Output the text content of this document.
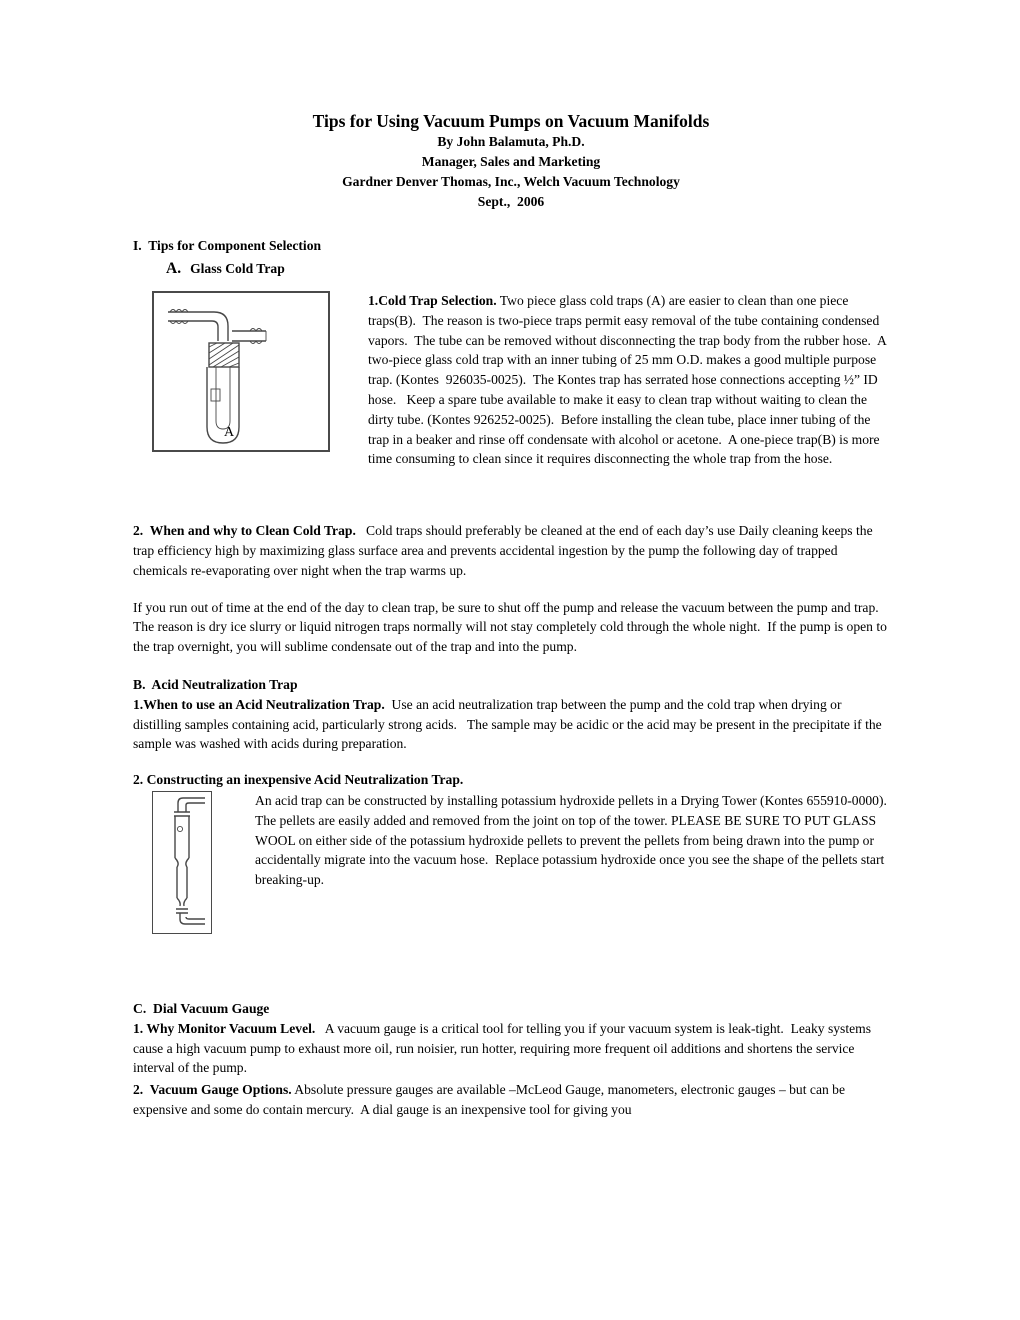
Tips for Using Vacuum Pumps on Vacuum Manifolds
By John Balamuta, Ph.D.
Manager, Sales and Marketing
Gardner Denver Thomas, Inc., Welch Vacuum Technology
Sept.,  2006
I.  Tips for Component Selection
A. Glass Cold Trap
A

1.Cold Trap Selection. Two piece glass cold traps (A) are easier to clean than one piece traps(B).  The reason is two-piece traps permit easy removal of the tube containing condensed vapors.  The tube can be removed without disconnecting the trap body from the rubber hose.  A two-piece glass cold trap with an inner tubing of 25 mm O.D. makes a good multiple purpose trap. (Kontes  926035-0025).  The Kontes trap has serrated hose connections accepting ½” ID hose.   Keep a spare tube available to make it easy to clean trap without waiting to clean the dirty tube. (Kontes 926252-0025).  Before installing the clean tube, place inner tubing of the trap in a beaker and rinse off condensate with alcohol or acetone.  A one-piece trap(B) is more time consuming to clean since it requires disconnecting the whole trap from the hose.

2.  When and why to Clean Cold Trap.   Cold traps should preferably be cleaned at the end of each day’s use Daily cleaning keeps the trap efficiency high by maximizing glass surface area and prevents accidental ingestion by the pump the following day of trapped chemicals re-evaporating over night when the trap warms up.

If you run out of time at the end of the day to clean trap, be sure to shut off the pump and release the vacuum between the pump and trap.  The reason is dry ice slurry or liquid nitrogen traps normally will not stay completely cold through the whole night.  If the pump is open to the trap overnight, you will sublime condensate out of the trap and into the pump.

B.  Acid Neutralization Trap

1.When to use an Acid Neutralization Trap.  Use an acid neutralization trap between the pump and the cold trap when drying or distilling samples containing acid, particularly strong acids.   The sample may be acidic or the acid may be present in the precipitate if the sample was washed with acids during preparation.

2. Constructing an inexpensive Acid Neutralization Trap.

An acid trap can be constructed by installing potassium hydroxide pellets in a Drying Tower (Kontes 655910-0000).  The pellets are easily added and removed from the joint on top of the tower. PLEASE BE SURE TO PUT GLASS WOOL on either side of the potassium hydroxide pellets to prevent the pellets from being drawn into the pump or accidentally migrate into the vacuum hose.  Replace potassium hydroxide once you see the shape of the pellets start breaking-up.

C.  Dial Vacuum Gauge

1. Why Monitor Vacuum Level.   A vacuum gauge is a critical tool for telling you if your vacuum system is leak-tight.  Leaky systems cause a high vacuum pump to exhaust more oil, run noisier, run hotter, requiring more frequent oil additions and shortens the service interval of the pump.

2.  Vacuum Gauge Options. Absolute pressure gauges are available –McLeod Gauge, manometers, electronic gauges – but can be expensive and some do contain mercury.  A dial gauge is an inexpensive tool for giving you
